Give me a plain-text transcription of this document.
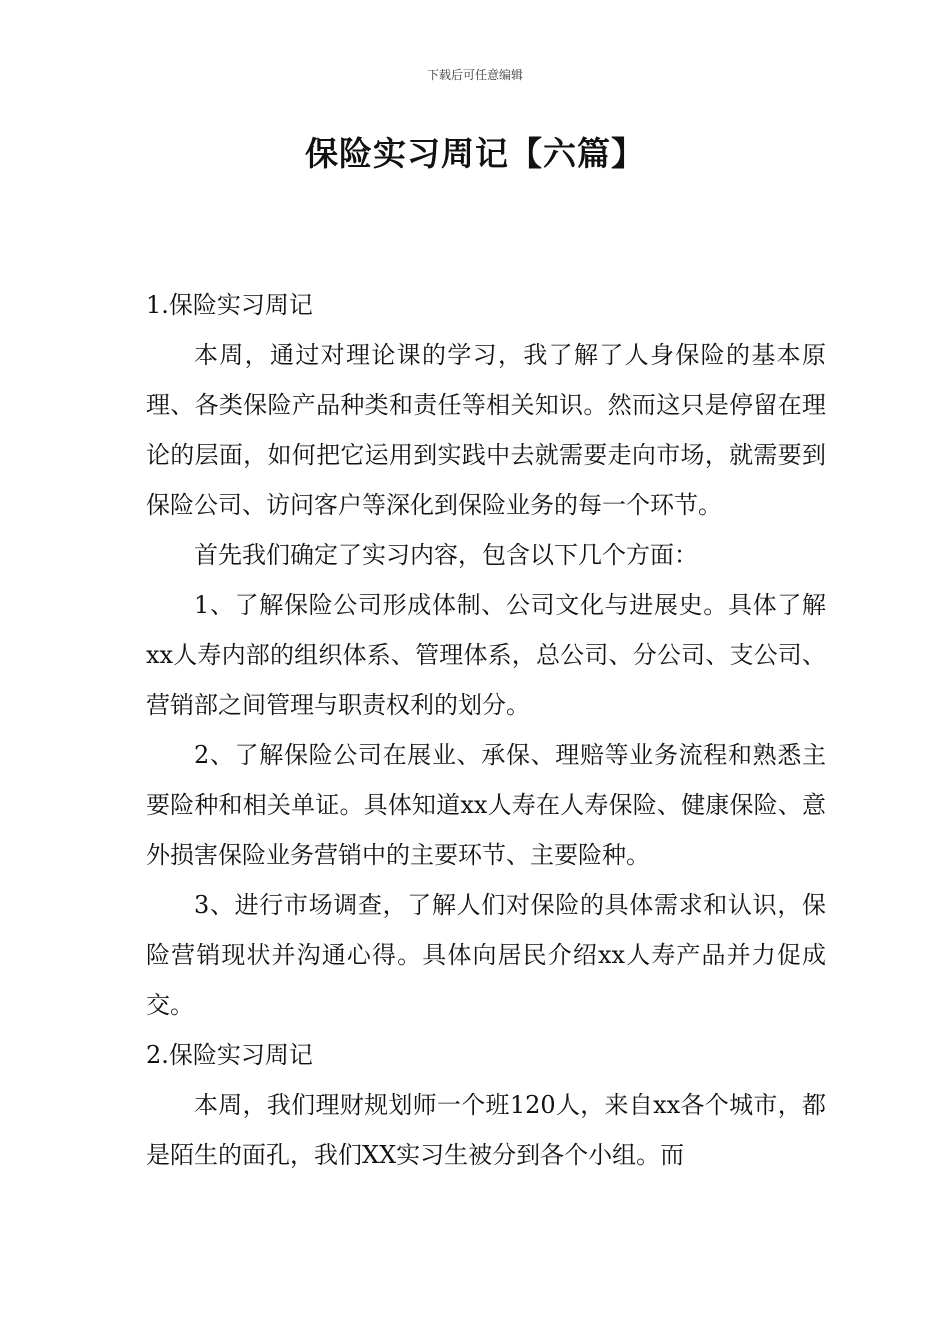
下载后可任意编辑
保险实习周记【六篇】

1.保险实习周记

本周，通过对理论课的学习，我了解了人身保险的基本原理、各类保险产品种类和责任等相关知识。然而这只是停留在理论的层面，如何把它运用到实践中去就需要走向市场，就需要到保险公司、访问客户等深化到保险业务的每一个环节。

首先我们确定了实习内容，包含以下几个方面：

1、了解保险公司形成体制、公司文化与进展史。具体了解xx人寿内部的组织体系、管理体系，总公司、分公司、支公司、营销部之间管理与职责权利的划分。

2、了解保险公司在展业、承保、理赔等业务流程和熟悉主要险种和相关单证。具体知道xx人寿在人寿保险、健康保险、意外损害保险业务营销中的主要环节、主要险种。

3、进行市场调查，了解人们对保险的具体需求和认识，保险营销现状并沟通心得。具体向居民介绍xx人寿产品并力促成交。

2.保险实习周记

本周，我们理财规划师一个班120人，来自xx各个城市，都是陌生的面孔，我们XX实习生被分到各个小组。而
